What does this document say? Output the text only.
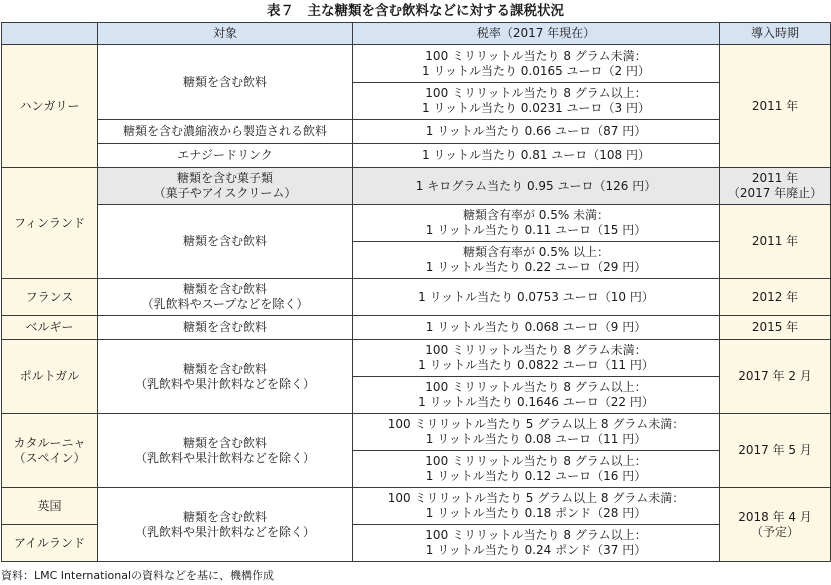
表７　主な糖類を含む飲料などに対する課税状況
	対象	税率（2017 年現在）	導入時期
ハンガリー	糖類を含む飲料	100 ミリリットル当たり 8 グラム未満：
1 リットル当たり 0.0165 ユーロ（2 円）	2011 年

		100 ミリリットル当たり 8 グラム以上：
1 リットル当たり 0.0231 ユーロ（3 円）	

	糖類を含む濃縮液から製造される飲料	1 リットル当たり 0.66 ユーロ（87 円）	
	エナジードリンク	1 リットル当たり 0.81 ユーロ（108 円）	
フィンランド	糖類を含む菓子類
（菓子やアイスクリーム）	1 キログラム当たり 0.95 ユーロ（126 円）	2011 年
（2017 年廃止）

	糖類を含む飲料	糖類含有率が 0.5% 未満：
1 リットル当たり 0.11 ユーロ（15 円）	2011 年

		糖類含有率が 0.5% 以上：
1 リットル当たり 0.22 ユーロ（29 円）	

フランス	糖類を含む飲料
（乳飲料やスープなどを除く）	1 リットル当たり 0.0753 ユーロ（10 円）	2012 年
ベルギー	糖類を含む飲料	1 リットル当たり 0.068 ユーロ（9 円）	2015 年
ポルトガル	糖類を含む飲料
（乳飲料や果汁飲料などを除く）	100 ミリリットル当たり 8 グラム未満：
1 リットル当たり 0.0822 ユーロ（11 円）	2017 年 2 月

		100 ミリリットル当たり 8 グラム以上：
1 リットル当たり 0.1646 ユーロ（22 円）	

カタルーニャ
（スペイン）	糖類を含む飲料
（乳飲料や果汁飲料などを除く）	100 ミリリットル当たり 5 グラム以上 8 グラム未満：
1 リットル当たり 0.08 ユーロ（11 円）	2017 年 5 月

		100 ミリリットル当たり 8 グラム以上：
1 リットル当たり 0.12 ユーロ（16 円）	

英国	糖類を含む飲料
（乳飲料や果汁飲料などを除く）	100 ミリリットル当たり 5 グラム以上 8 グラム未満：
1 リットル当たり 0.18 ポンド（28 円）	2018 年 4 月
（予定）

アイルランド		100 ミリリットル当たり 8 グラム以上：
1 リットル当たり 0.24 ポンド（37 円）	
資料：LMC Internationalの資料などを基に、機構作成
